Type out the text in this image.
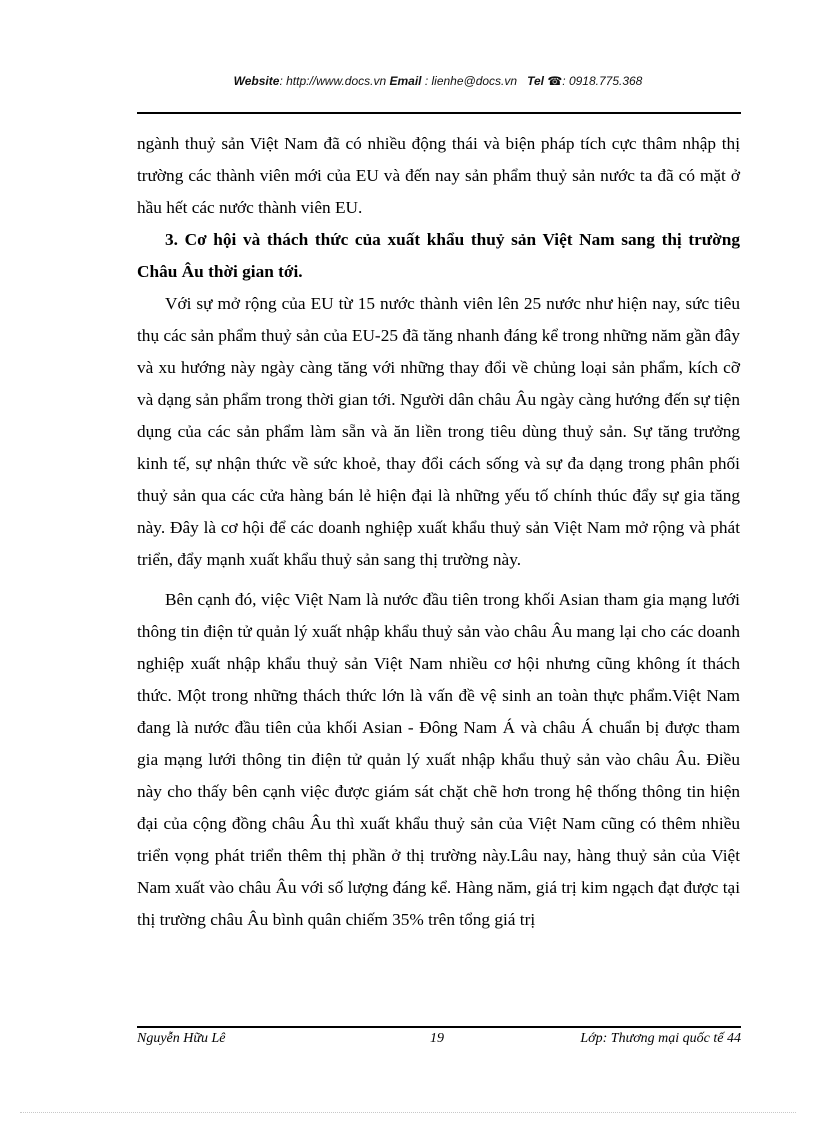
Website: http://www.docs.vn Email : lienhe@docs.vn   Tel ☎: 0918.775.368

ngành thuỷ sản Việt Nam đã có nhiều động thái và biện pháp tích cực thâm nhập thị trường các thành viên mới của EU và đến nay sản phẩm thuỷ sản nước ta đã có mặt ở hầu hết các nước thành viên EU.

3. Cơ hội và thách thức của xuất khẩu thuỷ sản Việt Nam sang thị trường Châu Âu thời gian tới.

Với sự mở rộng của EU từ 15 nước thành viên lên 25 nước như hiện nay, sức tiêu thụ các sản phẩm thuỷ sản của EU-25 đã tăng nhanh đáng kể trong những năm gần đây và xu hướng này ngày càng tăng với những thay đổi về chủng loại sản phẩm, kích cỡ và dạng sản phẩm trong thời gian tới. Người dân châu Âu ngày càng hướng đến sự tiện dụng của các sản phẩm làm sẵn và ăn liền trong tiêu dùng thuỷ sản. Sự tăng trưởng kinh tế, sự nhận thức về sức khoẻ, thay đổi cách sống và sự đa dạng trong phân phối thuỷ sản qua các cửa hàng bán lẻ hiện đại là những yếu tố chính thúc đẩy sự gia tăng này. Đây là cơ hội để các doanh nghiệp xuất khẩu thuỷ sản Việt Nam mở rộng và phát triển, đẩy mạnh xuất khẩu thuỷ sản sang thị trường này.

Bên cạnh đó, việc Việt Nam là nước đầu tiên trong khối Asian tham gia mạng lưới thông tin điện tử quản lý xuất nhập khẩu thuỷ sản vào châu Âu mang lại cho các doanh nghiệp xuất nhập khẩu thuỷ sản Việt Nam nhiều cơ hội nhưng cũng không ít thách thức. Một trong những thách thức lớn là vấn đề vệ sinh an toàn thực phẩm.Việt Nam đang là nước đầu tiên của khối Asian - Đông Nam Á và châu Á chuẩn bị được tham gia mạng lưới thông tin điện tử quản lý xuất nhập khẩu thuỷ sản vào châu Âu. Điều này cho thấy bên cạnh việc được giám sát chặt chẽ hơn trong hệ thống thông tin hiện đại của cộng đồng châu Âu thì xuất khẩu thuỷ sản của Việt Nam cũng có thêm nhiều triển vọng phát triển thêm thị phần ở thị trường này.Lâu nay, hàng thuỷ sản của Việt Nam xuất vào châu Âu với số lượng đáng kể. Hàng năm, giá trị kim ngạch đạt được tại thị trường châu Âu bình quân chiếm 35% trên tổng giá trị

Nguyễn Hữu Lê	19	Lớp: Thương mại quốc tế 44
